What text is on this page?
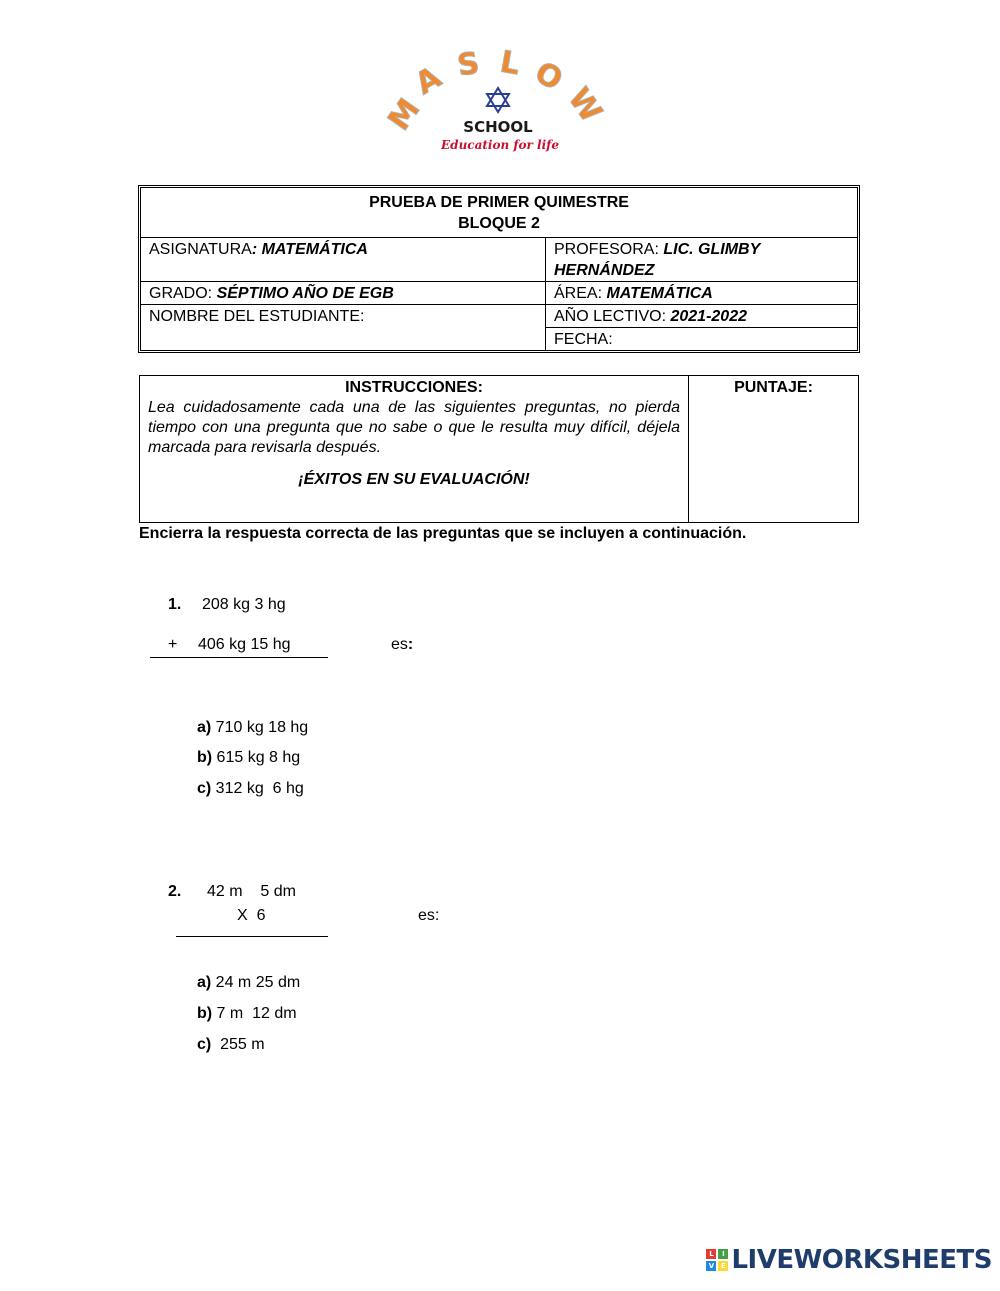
M
A S L O
W
SCHOOL
Education for life
PRUEBA DE PRIMER QUIMESTRE
BLOQUE 2	

ASIGNATURA: MATEMÁTICA	PROFESORA: LIC. GLIMBY
HERNÁNDEZ
GRADO: SÉPTIMO AÑO DE EGB	ÁREA: MATEMÁTICA
NOMBRE DEL ESTUDIANTE:	AÑO LECTIVO: 2021-2022
	FECHA:
INSTRUCCIONES:
Lea cuidadosamente cada una de las siguientes preguntas, no pierda tiempo con una pregunta que no sabe o que le resulta muy difícil, déjela marcada para revisarla después.
¡ÉXITOS EN SU EVALUACIÓN!
	PUNTAJE:
Encierra la respuesta correcta de las preguntas que se incluyen a continuación.
1. 208 kg 3 hg
+ 406 kg 15 hg	es:
a) 710 kg 18 hg
b) 615 kg 8 hg
c) 312 kg  6 hg
2. 42 m    5 dm
X  6	es:
a) 24 m 25 dm
b) 7 m  12 dm
c)  255 m
L	I
V E LIVEWORKSHEETS
